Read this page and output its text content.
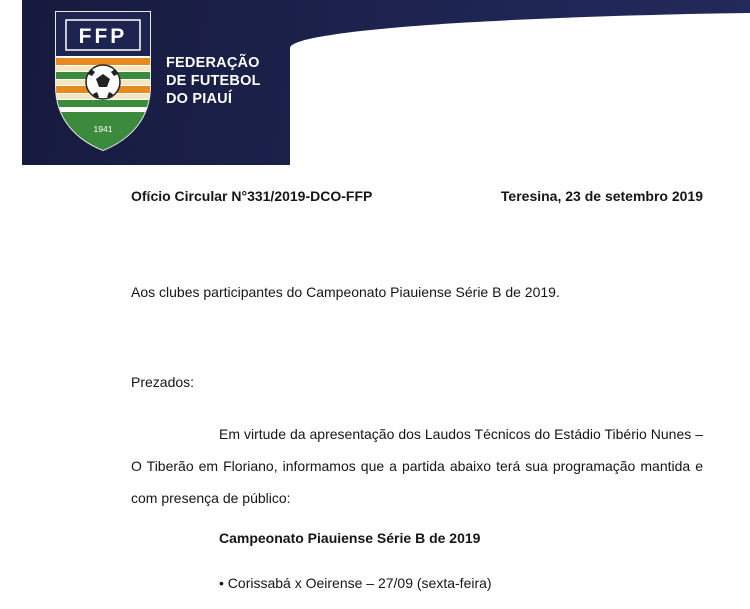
FFP
1941
FEDERAÇÃO
DE FUTEBOL
DO PIAUÍ
Ofício Circular N°331/2019-DCO-FFP	Teresina, 23 de setembro 2019
Aos clubes participantes do Campeonato Piauiense Série B de 2019.
Prezados:

Em virtude da apresentação dos Laudos Técnicos do Estádio Tibério Nunes – O Tiberão em Floriano, informamos que a partida abaixo terá sua programação mantida e com presença de público:

Campeonato Piauiense Série B de 2019
• Corissabá x Oeirense – 27/09 (sexta-feira)
